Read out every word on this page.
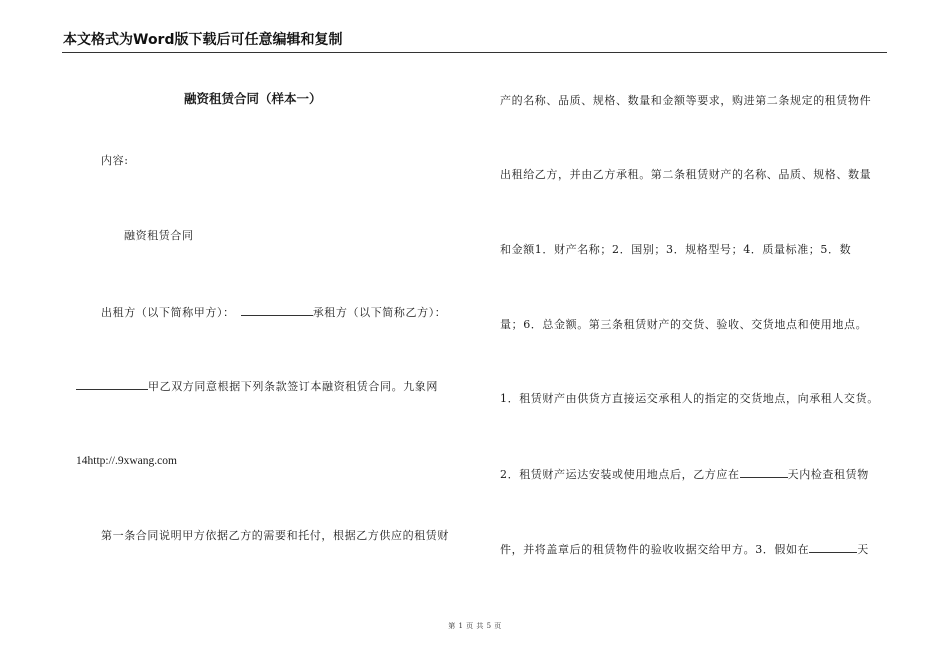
本文格式为Word版下载后可任意编辑和复制
融资租赁合同（样本一）
内容:
融资租赁合同
出租方（以下简称甲方）：	承租方（以下简称乙方）：
甲乙双方同意根据下列条款签订本融资租赁合同。九象网
14http://.9xwang.com
第一条合同说明甲方依据乙方的需要和托付，根据乙方供应的租赁财
产的名称、品质、规格、数量和金额等要求，购进第二条规定的租赁物件
出租给乙方，并由乙方承租。第二条租赁财产的名称、品质、规格、数量
和金额1．财产名称；2．国别；3．规格型号；4．质量标准；5．数
量；6．总金额。第三条租赁财产的交货、验收、交货地点和使用地点。
1．租赁财产由供货方直接运交承租人的指定的交货地点，向承租人交货。
2．租赁财产运达安装或使用地点后，乙方应在	天内检查租赁物
件，并将盖章后的租赁物件的验收收据交给甲方。3．假如在	天
第 1 页 共 5 页
